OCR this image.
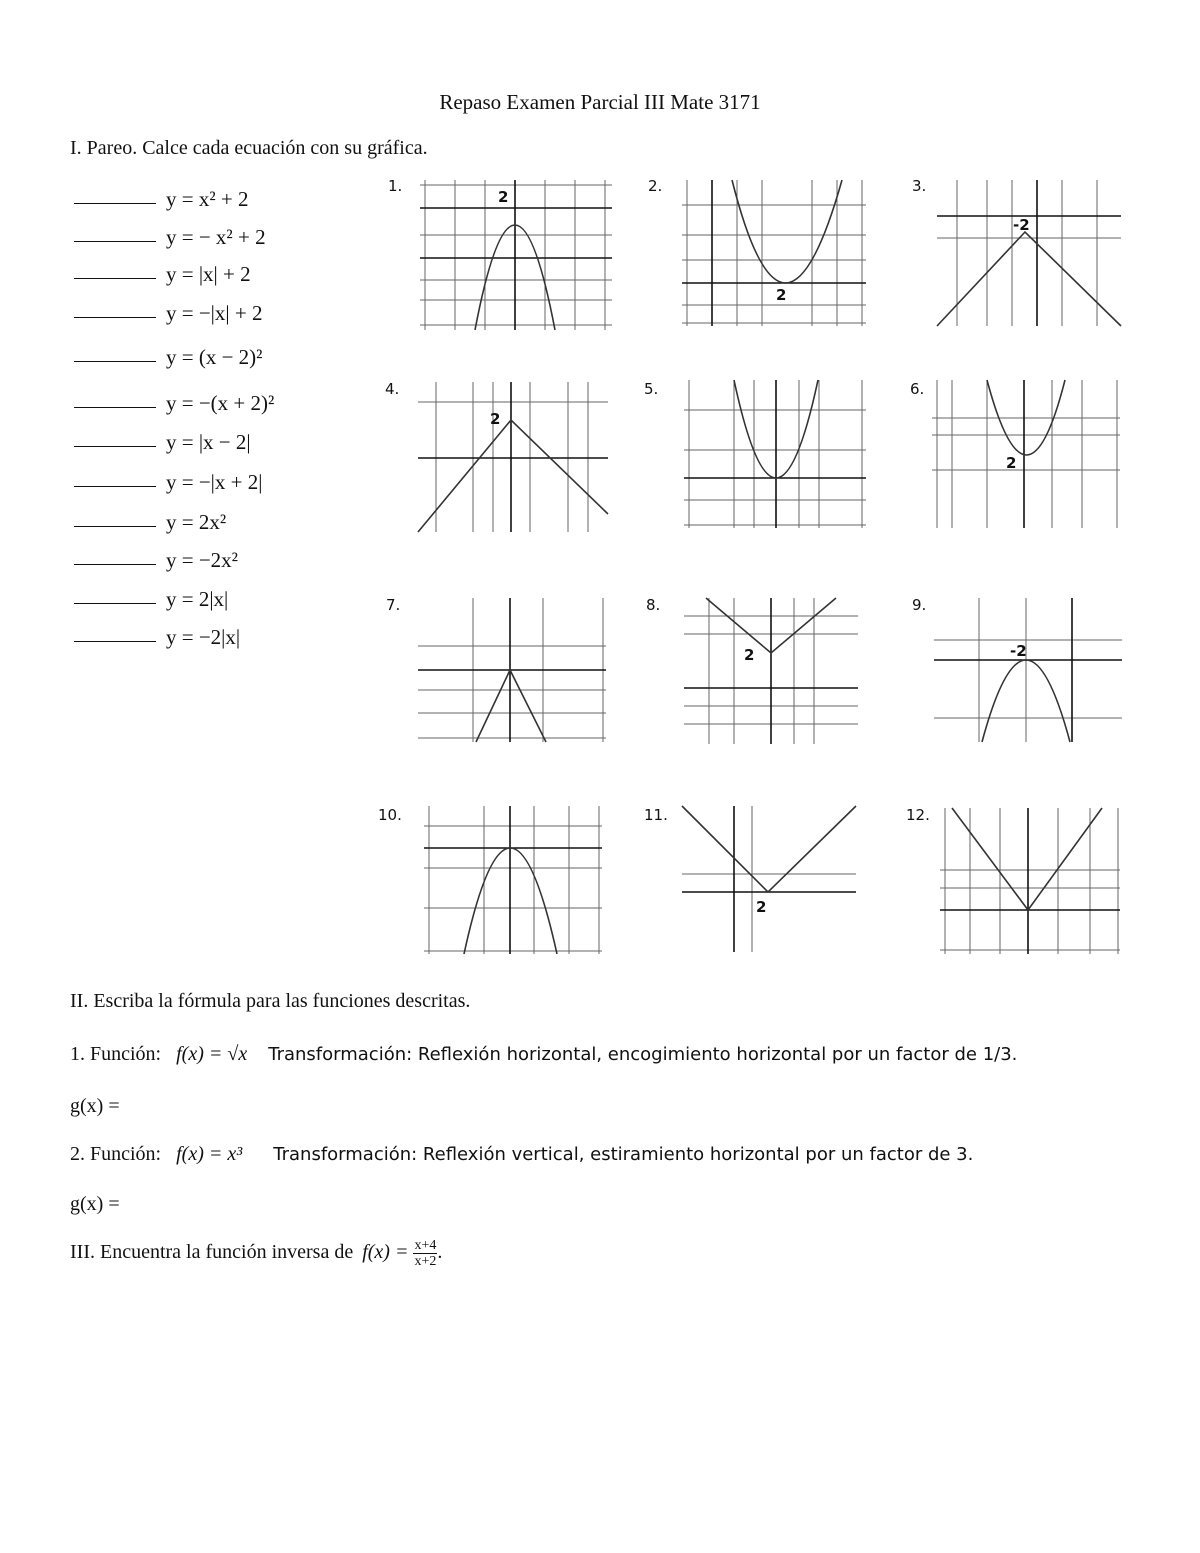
Repaso Examen Parcial III Mate 3171
I. Pareo. Calce cada ecuación con su gráfica.
y = x² + 2
y = − x² + 2
y = |x| + 2
y = −|x| + 2
y = (x − 2)²
y = −(x + 2)²
y = |x − 2|
y = −|x + 2|
y = 2x²
y = −2x²
y = 2|x|
y = −2|x|
1.	2.	3.
4.	5.	6.
7.	8.	9.
10.	11.	12.
2
2
-2
2
2
2	-2
2
II. Escriba la fórmula para las funciones descritas.
1. Función: f(x) = √x Transformación: Reflexión horizontal, encogimiento horizontal por un factor de 1/3.
g(x) =
2. Función: f(x) = x³ Transformación: Reflexión vertical, estiramiento horizontal por un factor de 3.
g(x) =
III. Encuentra la función inversa de $f(x) = \frac{x+4}{x+2}$ .
